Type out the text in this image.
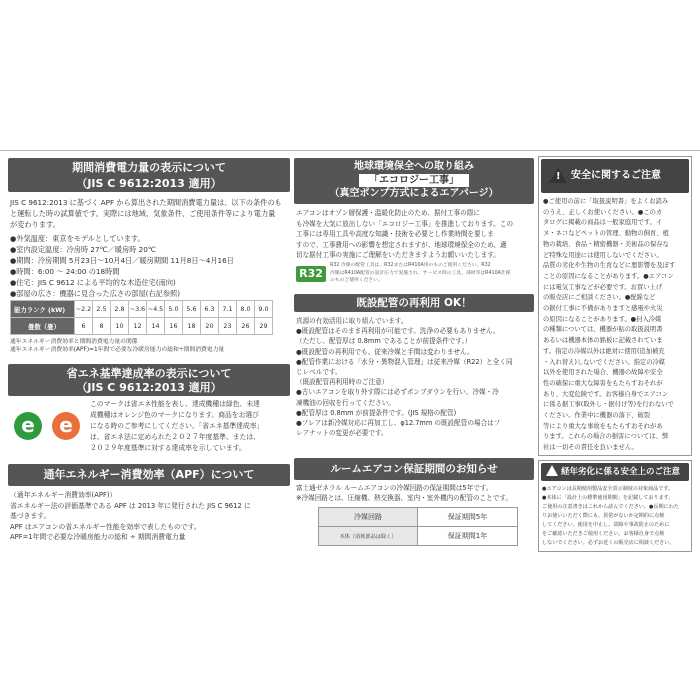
期間消費電力量の表示について
（JIS C 9612:2013 適用）
JIS C 9612:2013 に基づく APF から算出された期間消費電力量は、以下の条件のも
と運転した時の試算値です。実際には地域、気象条件、ご使用条件等により電力量
が変わります。
●外気温度：東京をモデルとしています。
●室内設定温度：冷房時 27℃／暖房時 20℃
●期間：冷房期間 5月23日〜10月4日／暖房期間 11月8日〜4月16日
●時間：6:00 〜 24:00 の18時間
●住宅：JIS C 9612 による平均的な木造住宅(南向)
●部屋の広さ：機器に見合った広さの部屋(右記参照)
能力ランク (kW)	~2.2	2.5	2.8	~3.6	~4.5	5.0	5.6	6.3	7.1	8.0	9.0
畳数（畳）	6	8	10	12	14	16	18	20	23	26	29
通年エネルギー消費効率と期間消費電力量の関係
通年エネルギー消費効率(APF)=1年間で必要な冷暖房能力の総和÷期間消費電力量
省エネ基準達成率の表示について
（JIS C 9612:2013 適用）
e	e
このマークは省エネ性能を表し、達成機種は緑色、未達
成機種はオレンジ色のマークになります。商品をお選び
になる時のご参考にしてください。「省エネ基準達成率」
は、省エネ法に定められた２０２７年度基準、または、
２０２９年度基準に対する達成率を示しています。
通年エネルギー消費効率（APF）について
（通年エネルギー消費効率(APF)）
省エネルギー法の評価基準である APF は 2013 年に発行された JIS C 9612 に
基づきます。
APF はエアコンの省エネルギー性能を効率で表したものです。
APF=1年間で必要な冷暖房能力の総和 ÷ 期間消費電力量
地球環境保全への取り組み
「エコロジー工事」
（真空ポンプ方式によるエアパージ）
エアコンはオゾン層保護・温暖化防止のため、据付工事の際に
も冷媒を大気に放出しない「エコロジー工事」を推進しております。この
工事には専用工具や高度な知識・技術を必要とし作業時間を要しま
すので、工事費用への影響を想定されますが、地球環境保全のため、適
切な据付工事の実施にご理解をいただきますようお願いいたします。
R32
R32 冷媒の配管工具は、R32またはR410A用のものご使用ください。R32
冷媒はR410A配管の設計圧力で実施され、サービス時の工具、部材等はR410A仕様
のものご使用ください。
既設配管の再利用 OK！
真源の有効活用に取り組んでいます。
●既設配管はそのまま再利用が可能です。洗浄の必要もありません。
（ただし、配管厚は 0.8mm であることが前提条件です。）
●既設配管の再利用でも、従来冷媒と手間は変わりません。
●配管作業における「水分・異物混入管理」は従来冷媒（R22）と全く同
じレベルです。
（既設配管再利用時のご注意）
●古いエアコンを取り外す際には必ずポンプダウンを行い、冷媒・冷
凍機油の回収を行ってください。
●配管厚は 0.8mm が前提条件です。(JIS 規格の配管)
●フレアは新冷媒対応に再加工し、φ12.7mm の既設配管の場合はフ
レアナットの変更が必要です。
ルームエアコン保証期間のお知らせ
富士通ゼネラル ルームエアコンの冷媒回路の保証期間は5年です。
※冷媒回路とは、圧縮機、熱交換器、室内・室外機内の配管のことです。
冷媒回路	保証期間5年
本体（消耗部品は除く）	保証期間1年
! 安全に関するご注意
●ご使用の前に「取扱説明書」をよくお読み
のうえ、正しくお使いください。●このカ
タログに掲載の商品は一般家庭用です。イ
ヌ・ネコなどペットの管理、動物の飼育、植
物の栽培、食品・精密機器・美術品の保存な
ど特殊な用途には使用しないでください。
品質の劣化や生物の生育などに悪影響を及ぼす
ことの原因になることがあります。●エアコン
には電気工事などが必要です。お買い上げ
の販売店にご相談ください。●配線など
の据付工事に不備がありますと感電や火災
の原因になることがあります。●封入冷媒
の種類については、機器が貼の取扱説明書
あるいは機器本体の銘板に記載されていま
す。指定の冷媒以外は絶対に使用(追加補充
・入れ替え)しないでください。指定の冷媒
以外を使用された場合、機器の故障や安全
性の確保に重大な障害をもたらすおそれが
あり、大変危険です。お客様自身でエアコン
に係る据工事(取外し・据付け等)を行わないで
ください。作業中に機器の落下、破裂
等により重大な事故をもたらすおそれがあ
ります。これらの場合の損害については、弊
社は一切その責任を負いません。
経年劣化に係る安全上のご注意
●エアコンは長期使用製品安全表示制度の対象商品です。
●本体に「設計上の標準使用期間」を記載しております。
ご使用の注意書きはこれから読んでください。●長期にわた
りお使いいただく際にも、異常がないか定期的に点検
してください。使用を中止し、故障や事故防止のために
をご確認いただきご使用ください。お客様自身で点検
しないでください。必ずお近くの販売店に相談ください。
